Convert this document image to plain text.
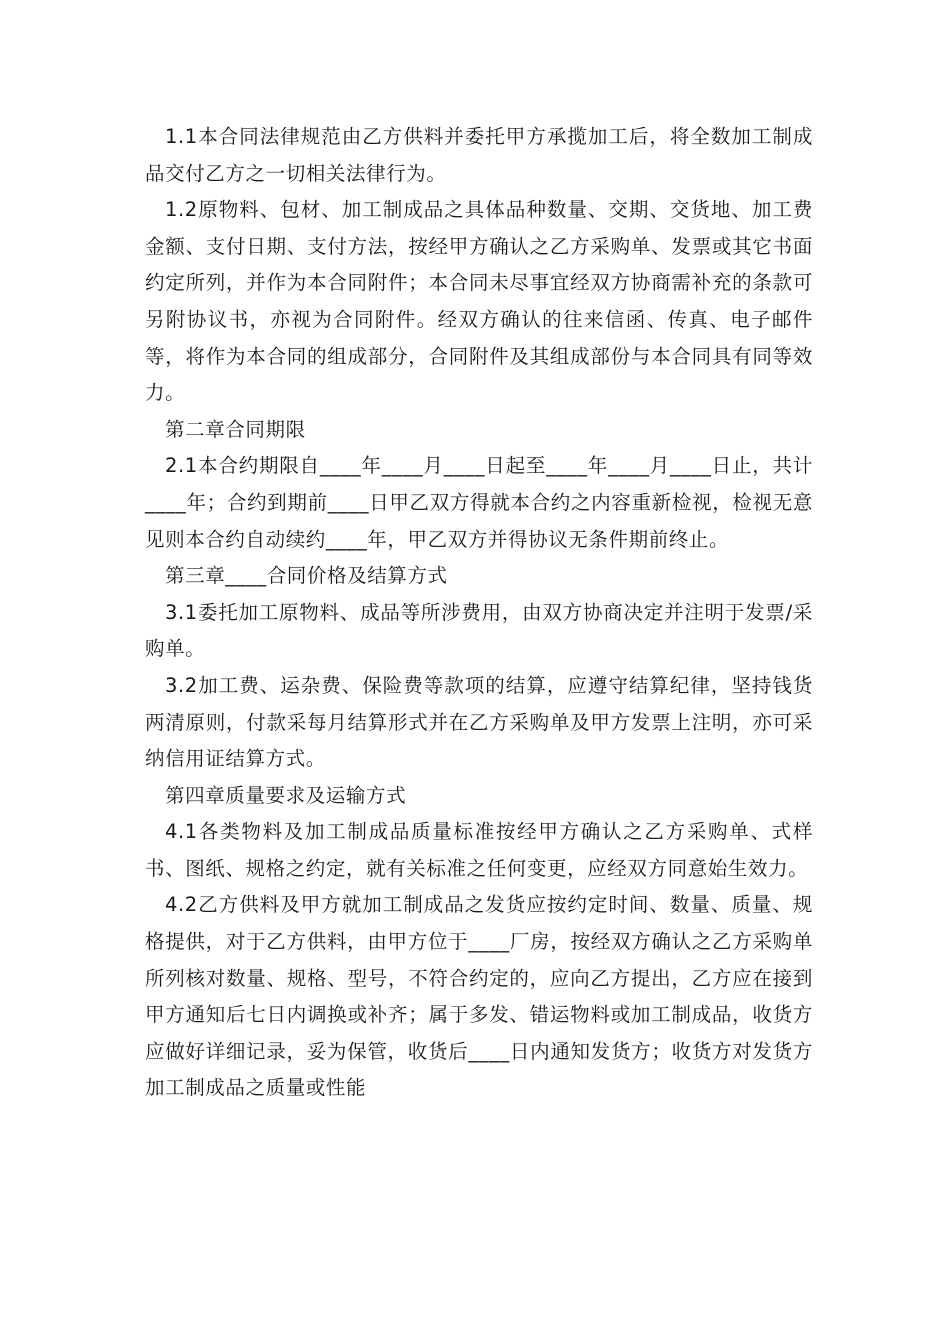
1.1本合同法律规范由乙方供料并委托甲方承揽加工后，将全数加工制成品交付乙方之一切相关法律行为。

1.2原物料、包材、加工制成品之具体品种数量、交期、交货地、加工费金额、支付日期、支付方法，按经甲方确认之乙方采购单、发票或其它书面约定所列，并作为本合同附件；本合同未尽事宜经双方协商需补充的条款可另附协议书，亦视为合同附件。经双方确认的往来信函、传真、电子邮件等，将作为本合同的组成部分，合同附件及其组成部份与本合同具有同等效力。

第二章合同期限

2.1本合约期限自____年____月____日起至____年____月____日止，共计____年；合约到期前____日甲乙双方得就本合约之内容重新检视，检视无意见则本合约自动续约____年，甲乙双方并得协议无条件期前终止。

第三章____合同价格及结算方式

3.1委托加工原物料、成品等所涉费用，由双方协商决定并注明于发票/采购单。

3.2加工费、运杂费、保险费等款项的结算，应遵守结算纪律，坚持钱货两清原则，付款采每月结算形式并在乙方采购单及甲方发票上注明，亦可采纳信用证结算方式。

第四章质量要求及运输方式

4.1各类物料及加工制成品质量标准按经甲方确认之乙方采购单、式样书、图纸、规格之约定，就有关标准之任何变更，应经双方同意始生效力。

4.2乙方供料及甲方就加工制成品之发货应按约定时间、数量、质量、规格提供，对于乙方供料，由甲方位于____厂房，按经双方确认之乙方采购单所列核对数量、规格、型号，不符合约定的，应向乙方提出，乙方应在接到甲方通知后七日内调换或补齐；属于多发、错运物料或加工制成品，收货方应做好详细记录，妥为保管，收货后____日内通知发货方；收货方对发货方加工制成品之质量或性能
